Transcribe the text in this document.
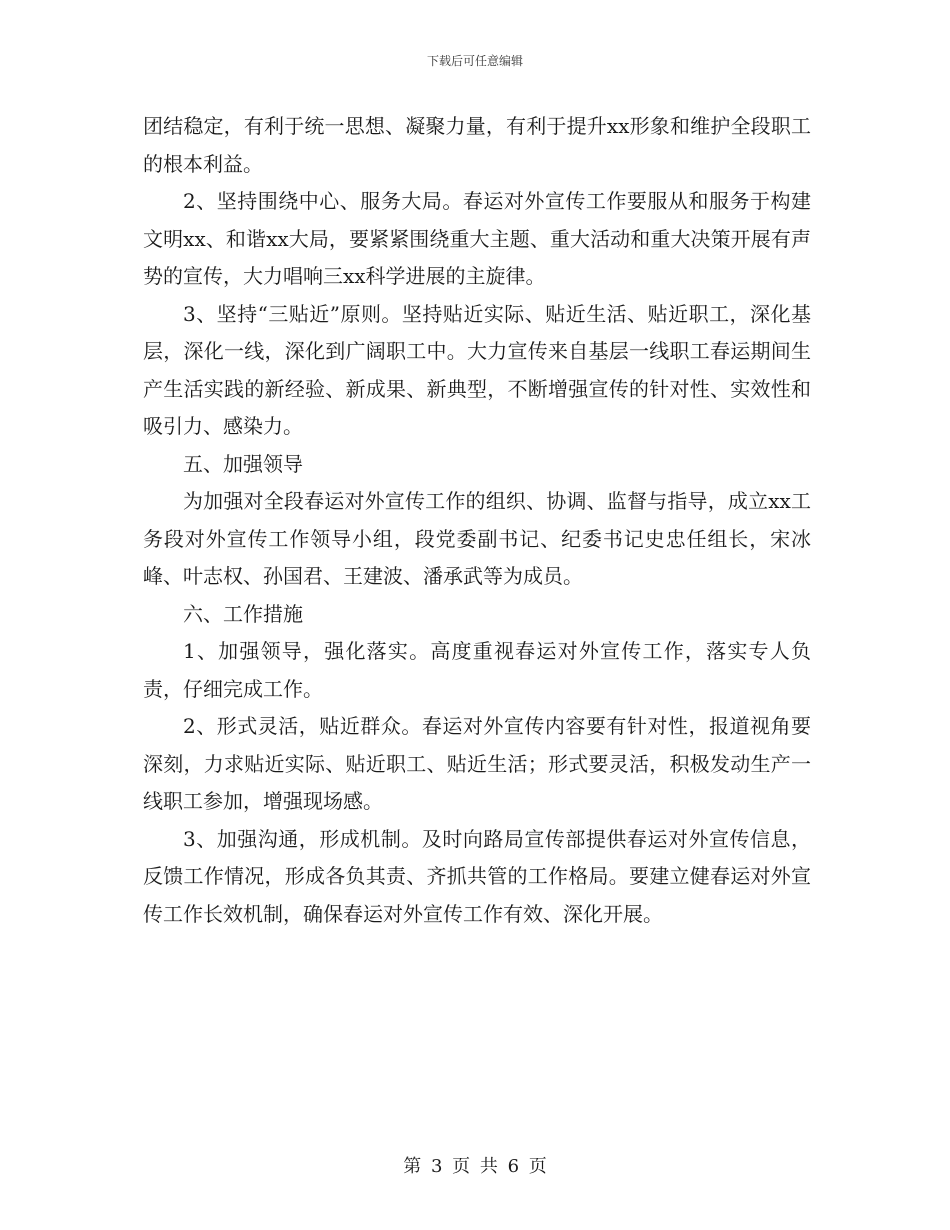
下载后可任意编辑

团结稳定，有利于统一思想、凝聚力量，有利于提升xx形象和维护全段职工的根本利益。

2、坚持围绕中心、服务大局。春运对外宣传工作要服从和服务于构建文明xx、和谐xx大局，要紧紧围绕重大主题、重大活动和重大决策开展有声势的宣传，大力唱响三xx科学进展的主旋律。

3、坚持“三贴近”原则。坚持贴近实际、贴近生活、贴近职工，深化基层，深化一线，深化到广阔职工中。大力宣传来自基层一线职工春运期间生产生活实践的新经验、新成果、新典型，不断增强宣传的针对性、实效性和吸引力、感染力。

五、加强领导

为加强对全段春运对外宣传工作的组织、协调、监督与指导，成立xx工务段对外宣传工作领导小组，段党委副书记、纪委书记史忠任组长，宋冰峰、叶志权、孙国君、王建波、潘承武等为成员。

六、工作措施

1、加强领导，强化落实。高度重视春运对外宣传工作，落实专人负责，仔细完成工作。

2、形式灵活，贴近群众。春运对外宣传内容要有针对性，报道视角要深刻，力求贴近实际、贴近职工、贴近生活；形式要灵活，积极发动生产一线职工参加，增强现场感。

3、加强沟通，形成机制。及时向路局宣传部提供春运对外宣传信息，反馈工作情况，形成各负其责、齐抓共管的工作格局。要建立健春运对外宣传工作长效机制，确保春运对外宣传工作有效、深化开展。

第 3 页 共 6 页
